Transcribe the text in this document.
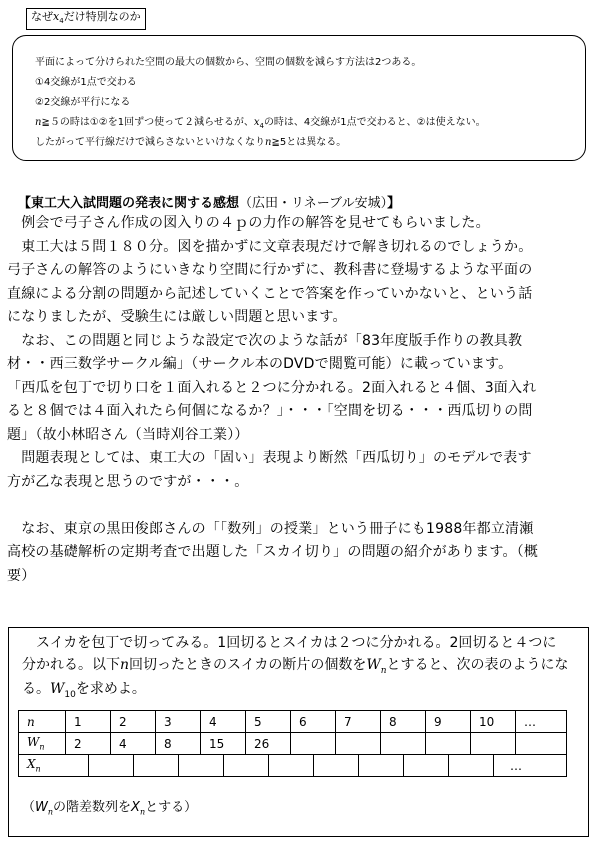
なぜ$x_4$だけ特別なのか
平面によって分けられた空間の最大の個数から、空間の個数を減らす方法は2つある。
①4交線が1点で交わる
②2交線が平行になる
n≧５の時は①②を1回ずつ使って２減らせるが、$x_4$の時は、4交線が1点で交わると、②は使えない。
したがって平行線だけで減らさないといけなくなりn≧5とは異なる。
【東工大入試問題の発表に関する感想（広田・リネーブル安城）】
　例会で弓子さん作成の図入りの４ｐの力作の解答を見せてもらいました。
　東工大は５問１８０分。図を描かずに文章表現だけで解き切れるのでしょうか。
弓子さんの解答のようにいきなり空間に行かずに、教科書に登場するような平面の
直線による分割の問題から記述していくことで答案を作っていかないと、という話
になりましたが、受験生には厳しい問題と思います。
　なお、この問題と同じような設定で次のような話が「83年度版手作りの教具教
材・・西三数学サークル編」（サークル本のDVDで閲覧可能）に載っています。
「西瓜を包丁で切り口を１面入れると２つに分かれる。2面入れると４個、3面入れ
ると８個では４面入れたら何個になるか？」・・・「空間を切る・・・西瓜切りの問
題」（故小林昭さん（当時刈谷工業））
　問題表現としては、東工大の「固い」表現より断然「西瓜切り」のモデルで表す
方が乙な表現と思うのですが・・・。
　なお、東京の黒田俊郎さんの「「数列」の授業」という冊子にも1988年都立清瀬
高校の基礎解析の定期考査で出題した「スカイ切り」の問題の紹介があります。（概
要）
　スイカを包丁で切ってみる。1回切るとスイカは２つに分かれる。2回切ると４つに
分かれる。以下n回切ったときのスイカの断片の個数を$W_n$とすると、次の表のようにな
る。$W_{10}$を求めよ。
n	1	2	3	4	5	6	7	8	9	10	…
$W_n$	2	4	8	15	26						
$X_n$										…
（$W_n$の階差数列を$X_n$とする）
